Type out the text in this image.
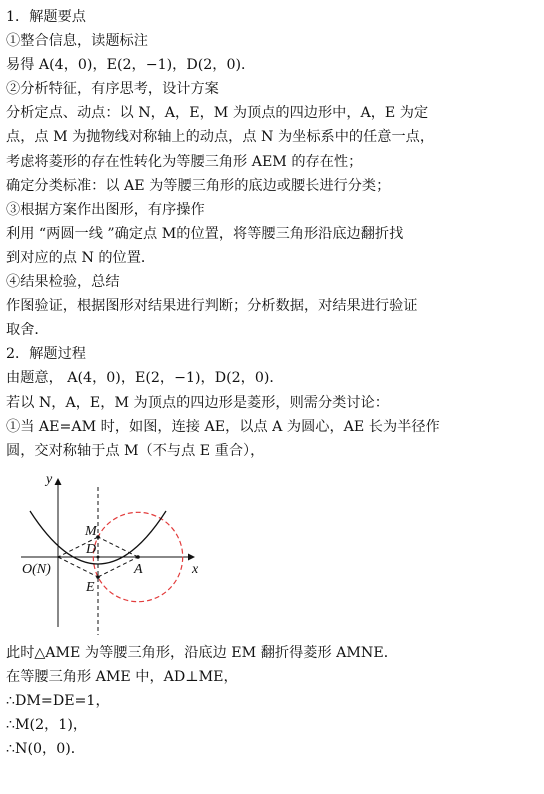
1．解题要点
①整合信息，读题标注
易得 A(4，0)，E(2，−1)，D(2，0)．
②分析特征，有序思考，设计方案
分析定点、动点：以 N，A，E，M 为顶点的四边形中，A，E 为定
点，点 M 为抛物线对称轴上的动点，点 N 为坐标系中的任意一点，
考虑将菱形的存在性转化为等腰三角形 AEM 的存在性；
确定分类标准：以 AE 为等腰三角形的底边或腰长进行分类；
③根据方案作出图形，有序操作
利用 “两圆一线 ”确定点 M的位置，将等腰三角形沿底边翻折找
到对应的点 N 的位置．
④结果检验，总结
作图验证，根据图形对结果进行判断；分析数据，对结果进行验证
取舍．
2．解题过程
由题意， A(4，0)，E(2，−1)，D(2，0)．
若以 N，A，E，M 为顶点的四边形是菱形，则需分类讨论：
①当 AE=AM 时，如图，连接 AE，以点 A 为圆心，AE 长为半径作
圆，交对称轴于点 M（不与点 E 重合），
y
x
O(N)
M
D
A
E
此时△AME 为等腰三角形，沿底边 EM 翻折得菱形 AMNE．
在等腰三角形 AME 中，AD⊥ME，
∴DM=DE=1，
∴M(2，1)，
∴N(0，0)．
